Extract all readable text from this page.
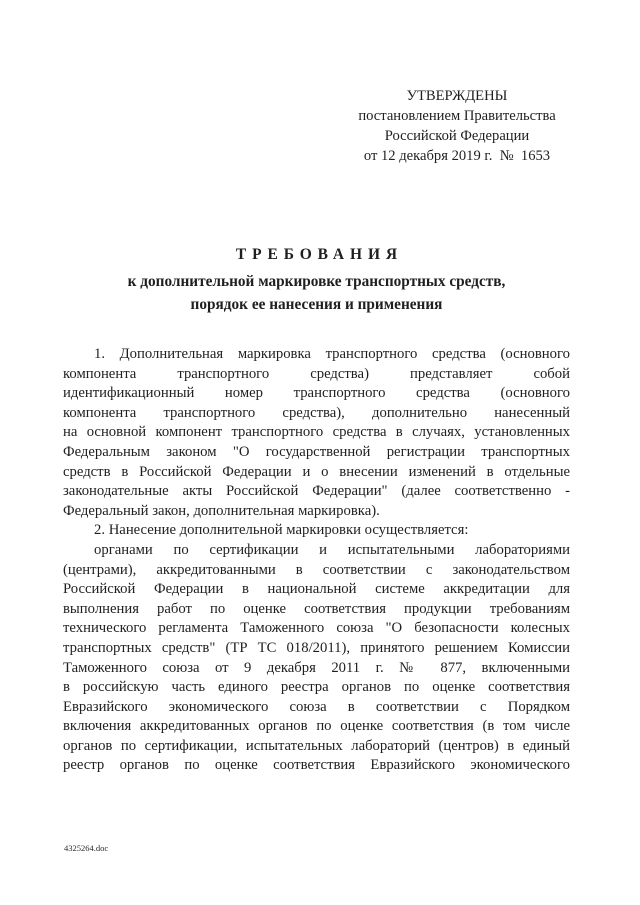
УТВЕРЖДЕНЫ
постановлением Правительства
Российской Федерации
от 12 декабря 2019 г.  №  1653
ТРЕБОВАНИЯ
к дополнительной маркировке транспортных средств,
порядок ее нанесения и применения
1. Дополнительная маркировка транспортного средства (основного
компонента транспортного средства) представляет собой
идентификационный номер транспортного средства (основного
компонента транспортного средства), дополнительно нанесенный
на основной компонент транспортного средства в случаях, установленных
Федеральным законом "О государственной регистрации транспортных
средств в Российской Федерации и о внесении изменений в отдельные
законодательные акты Российской Федерации" (далее соответственно -
Федеральный закон, дополнительная маркировка).
2. Нанесение дополнительной маркировки осуществляется:
органами по сертификации и испытательными лабораториями
(центрами), аккредитованными в соответствии с законодательством
Российской Федерации в национальной системе аккредитации для
выполнения работ по оценке соответствия продукции требованиям
технического регламента Таможенного союза "О безопасности колесных
транспортных средств" (ТР ТС 018/2011), принятого решением Комиссии
Таможенного союза от 9 декабря 2011 г. № 877, включенными
в российскую часть единого реестра органов по оценке соответствия
Евразийского экономического союза в соответствии с Порядком
включения аккредитованных органов по оценке соответствия (в том числе
органов по сертификации, испытательных лабораторий (центров) в единый
реестр органов по оценке соответствия Евразийского экономического
4325264.doc
